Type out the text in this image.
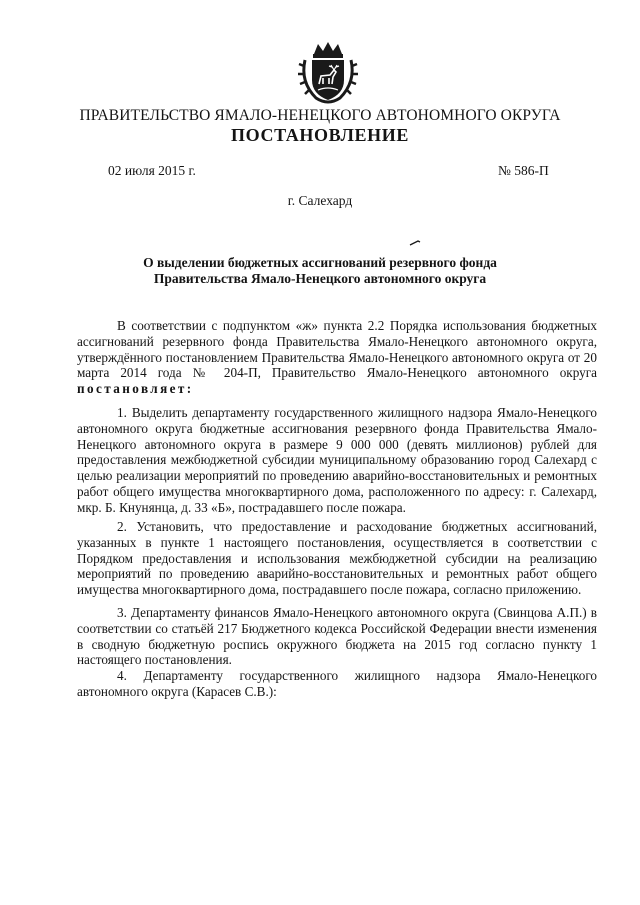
ПРАВИТЕЛЬСТВО ЯМАЛО-НЕНЕЦКОГО АВТОНОМНОГО ОКРУГА
ПОСТАНОВЛЕНИЕ
02 июля 2015 г.	№ 586-П
г. Салехард
О выделении бюджетных ассигнований резервного фонда
Правительства Ямало-Ненецкого автономного округа

В соответствии с подпунктом «ж» пункта 2.2 Порядка использования бюджетных ассигнований резервного фонда Правительства Ямало-Ненецкого автономного округа, утверждённого постановлением Правительства Ямало-Ненецкого автономного округа от 20 марта 2014 года № 204-П, Правительство Ямало-Ненецкого автономного округа постановляет:

1. Выделить департаменту государственного жилищного надзора Ямало-Ненецкого автономного округа бюджетные ассигнования резервного фонда Правительства Ямало-Ненецкого автономного округа в размере 9 000 000 (девять миллионов) рублей для предоставления межбюджетной субсидии муниципальному образованию город Салехард с целью реализации мероприятий по проведению аварийно-восстановительных и ремонтных работ общего имущества многоквартирного дома, расположенного по адресу: г. Салехард, мкр. Б. Кнунянца, д. 33 «Б», пострадавшего после пожара.

2. Установить, что предоставление и расходование бюджетных ассигнований, указанных в пункте 1 настоящего постановления, осуществляется в соответствии с Порядком предоставления и использования межбюджетной субсидии на реализацию мероприятий по проведению аварийно-восстановительных и ремонтных работ общего имущества многоквартирного дома, пострадавшего после пожара, согласно приложению.

3. Департаменту финансов Ямало-Ненецкого автономного округа (Свинцова А.П.) в соответствии со статьёй 217 Бюджетного кодекса Российской Федерации внести изменения в сводную бюджетную роспись окружного бюджета на 2015 год согласно пункту 1 настоящего постановления.

4. Департаменту государственного жилищного надзора Ямало-Ненецкого автономного округа (Карасев С.В.):
